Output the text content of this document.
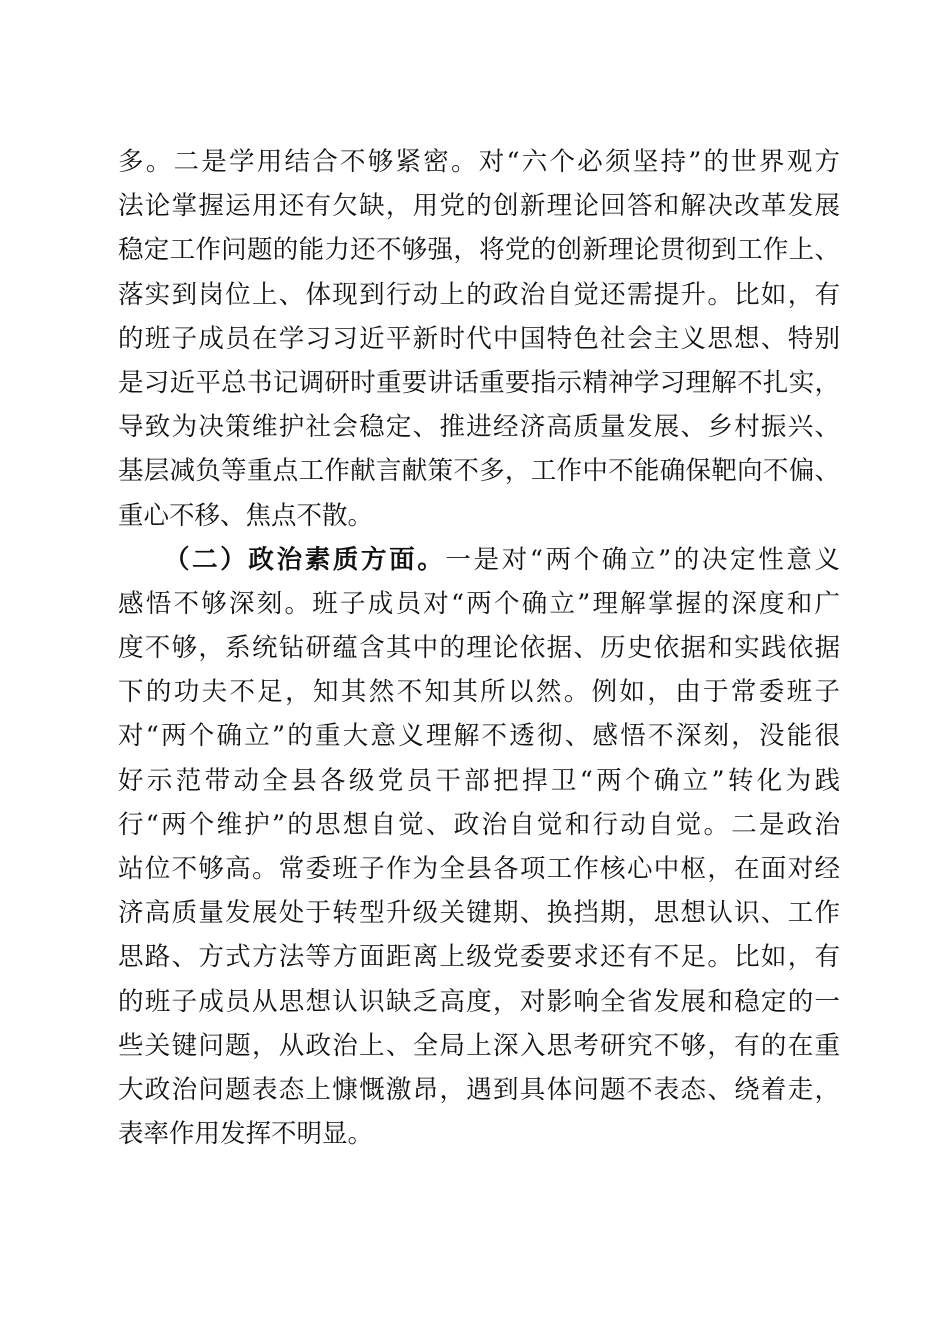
多。二是学用结合不够紧密。对“六个必须坚持”的世界观方
法论掌握运用还有欠缺，用党的创新理论回答和解决改革发展
稳定工作问题的能力还不够强，将党的创新理论贯彻到工作上、
落实到岗位上、体现到行动上的政治自觉还需提升。比如，有
的班子成员在学习习近平新时代中国特色社会主义思想、特别
是习近平总书记调研时重要讲话重要指示精神学习理解不扎实，
导致为决策维护社会稳定、推进经济高质量发展、乡村振兴、
基层减负等重点工作献言献策不多，工作中不能确保靶向不偏、
重心不移、焦点不散。
（二）政治素质方面。一是对“两个确立”的决定性意义
感悟不够深刻。班子成员对“两个确立”理解掌握的深度和广
度不够，系统钻研蕴含其中的理论依据、历史依据和实践依据
下的功夫不足，知其然不知其所以然。例如，由于常委班子
对“两个确立”的重大意义理解不透彻、感悟不深刻，没能很
好示范带动全县各级党员干部把捍卫“两个确立”转化为践
行“两个维护”的思想自觉、政治自觉和行动自觉。二是政治
站位不够高。常委班子作为全县各项工作核心中枢，在面对经
济高质量发展处于转型升级关键期、换挡期，思想认识、工作
思路、方式方法等方面距离上级党委要求还有不足。比如，有
的班子成员从思想认识缺乏高度，对影响全省发展和稳定的一
些关键问题，从政治上、全局上深入思考研究不够，有的在重
大政治问题表态上慷慨激昂，遇到具体问题不表态、绕着走，
表率作用发挥不明显。
